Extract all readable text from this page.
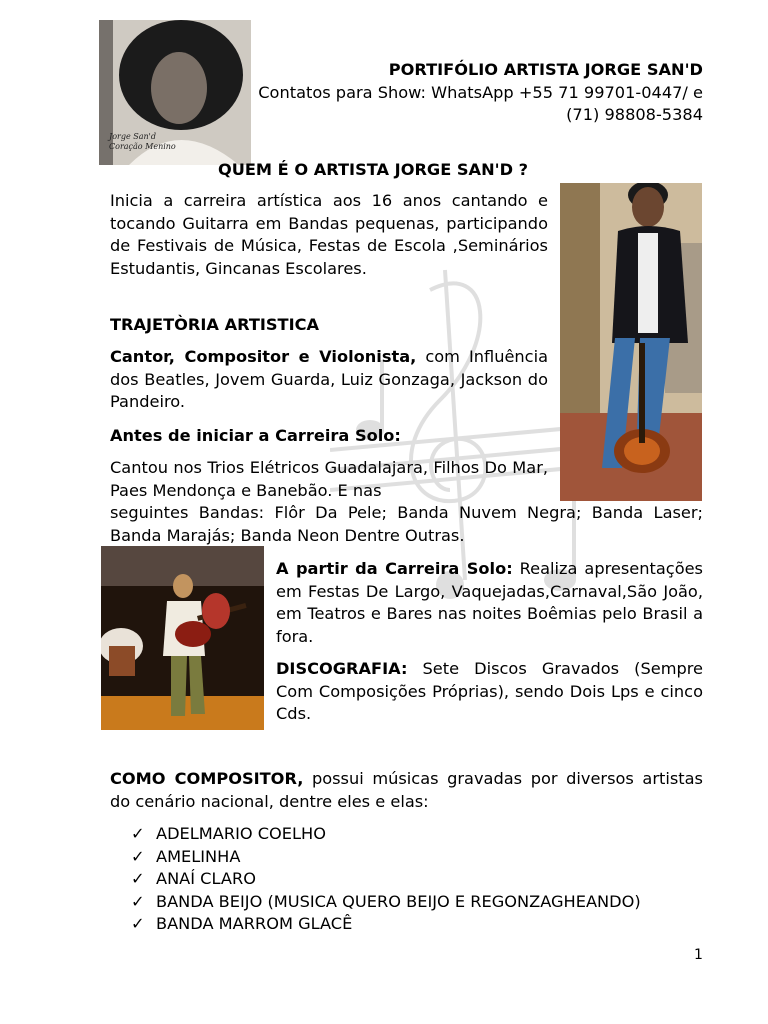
Jorge San'd
Coração Menino
PORTIFÓLIO ARTISTA JORGE SAN'D
Contatos para Show: WhatsApp +55 71 99701-0447/ e (71) 98808-5384
QUEM É O ARTISTA JORGE SAN'D ?
Inicia a carreira artística aos 16 anos cantando e tocando Guitarra em Bandas pequenas, participando de Festivais de Música, Festas de Escola ,Seminários Estudantis, Gincanas Escolares.
TRAJETÒRIA ARTISTICA
Cantor, Compositor e Violonista, com Influência dos Beatles, Jovem Guarda, Luiz Gonzaga, Jackson do Pandeiro.
Antes de iniciar a Carreira Solo:
Cantou nos Trios Elétricos Guadalajara, Filhos Do Mar, Paes Mendonça e Banebão. E nas
seguintes Bandas: Flôr Da Pele; Banda Nuvem Negra; Banda Laser; Banda Marajás; Banda Neon Dentre Outras.
A partir da Carreira Solo: Realiza apresentações em Festas De Largo, Vaquejadas,Carnaval,São João, em Teatros e Bares nas noites Boêmias pelo Brasil a fora.
DISCOGRAFIA: Sete Discos Gravados (Sempre Com Composições Próprias), sendo Dois Lps e cinco Cds.
COMO COMPOSITOR, possui músicas gravadas por diversos artistas do cenário nacional, dentre eles e elas:
✓ ADELMARIO COELHO
✓ AMELINHA
✓ ANAÍ CLARO
✓ BANDA BEIJO (MUSICA QUERO BEIJO E REGONZAGHEANDO)
✓ BANDA MARROM GLACÊ
1
